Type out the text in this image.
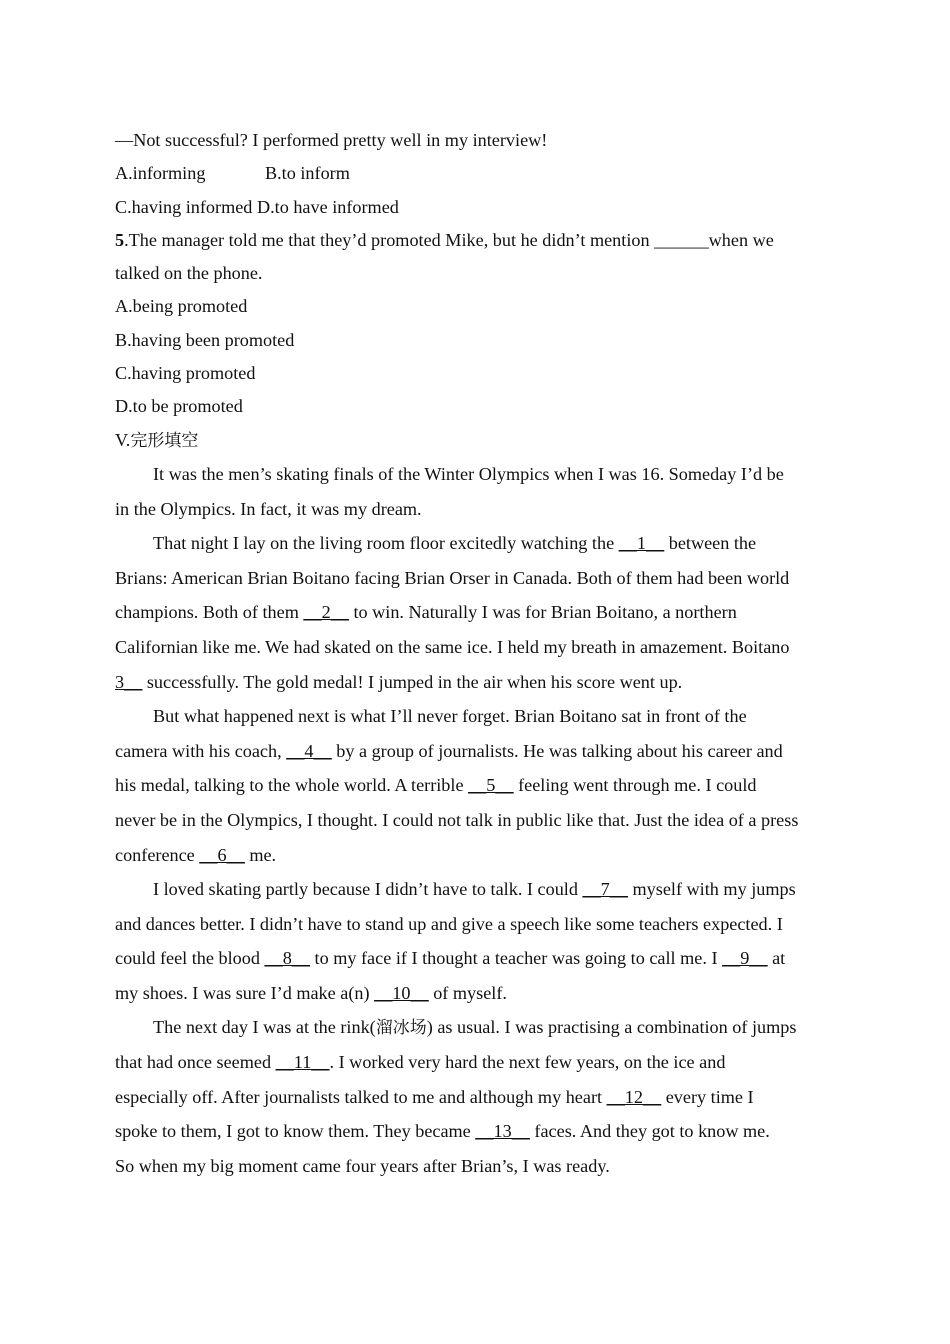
—Not successful? I performed pretty well in my interview!
A.informing	B.to inform
C.having informed D.to have informed
5.The manager told me that they’d promoted Mike, but he didn’t mention ______when we
talked on the phone.
A.being promoted
B.having been promoted
C.having promoted
D.to be promoted
V.完形填空
It was the men’s skating finals of the Winter Olympics when I was 16. Someday I’d be
in the Olympics. In fact, it was my dream.
That night I lay on the living room floor excitedly watching the __1__ between the
Brians: American Brian Boitano facing Brian Orser in Canada. Both of them had been world
champions. Both of them __2__ to win. Naturally I was for Brian Boitano, a northern
Californian like me. We had skated on the same ice. I held my breath in amazement. Boitano
3__ successfully. The gold medal! I jumped in the air when his score went up.
But what happened next is what I’ll never forget. Brian Boitano sat in front of the
camera with his coach, __4__ by a group of journalists. He was talking about his career and
his medal, talking to the whole world. A terrible __5__ feeling went through me. I could
never be in the Olympics, I thought. I could not talk in public like that. Just the idea of a press
conference __6__ me.
I loved skating partly because I didn’t have to talk. I could __7__ myself with my jumps
and dances better. I didn’t have to stand up and give a speech like some teachers expected. I
could feel the blood __8__ to my face if I thought a teacher was going to call me. I __9__ at
my shoes. I was sure I’d make a(n) __10__ of myself.
The next day I was at the rink(溜冰场) as usual. I was practising a combination of jumps
that had once seemed __11__. I worked very hard the next few years, on the ice and
especially off. After journalists talked to me and although my heart __12__ every time I
spoke to them, I got to know them. They became __13__ faces. And they got to know me.
So when my big moment came four years after Brian’s, I was ready.
